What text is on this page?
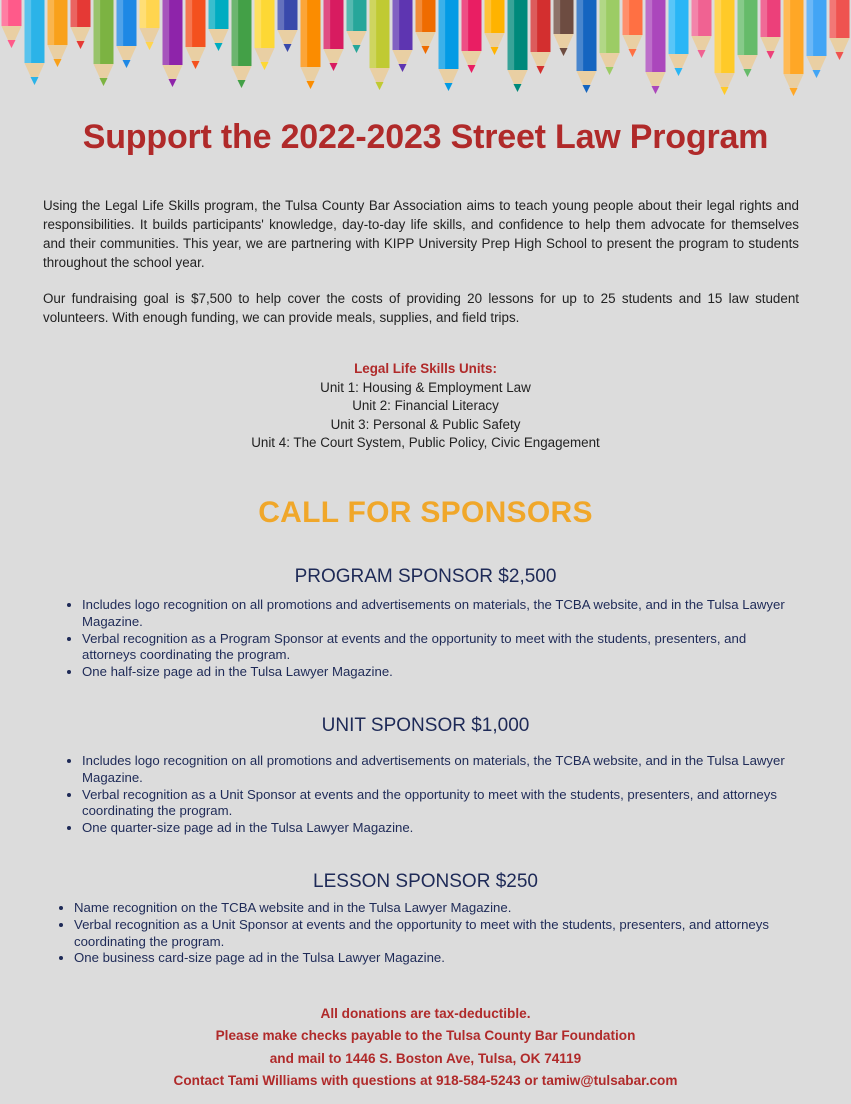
Support the 2022-2023 Street Law Program
Using the Legal Life Skills program, the Tulsa County Bar Association aims to teach young people about their legal rights and responsibilities. It builds participants' knowledge, day-to-day life skills, and confidence to help them advocate for themselves and their communities. This year, we are partnering with KIPP University Prep High School to present the program to students throughout the school year.
Our fundraising goal is $7,500 to help cover the costs of providing 20 lessons for up to 25 students and 15 law student volunteers. With enough funding, we can provide meals, supplies, and field trips.
Legal Life Skills Units:
Unit 1: Housing & Employment Law
Unit 2: Financial Literacy
Unit 3: Personal & Public Safety
Unit 4: The Court System, Public Policy, Civic Engagement
CALL FOR SPONSORS
PROGRAM SPONSOR $2,500
• Includes logo recognition on all promotions and advertisements on materials, the TCBA website, and in the Tulsa Lawyer Magazine.
• Verbal recognition as a Program Sponsor at events and the opportunity to meet with the students, presenters, and attorneys coordinating the program.
• One half-size page ad in the Tulsa Lawyer Magazine.
UNIT SPONSOR $1,000
• Includes logo recognition on all promotions and advertisements on materials, the TCBA website, and in the Tulsa Lawyer Magazine.
• Verbal recognition as a Unit Sponsor at events and the opportunity to meet with the students, presenters, and attorneys coordinating the program.
• One quarter-size page ad in the Tulsa Lawyer Magazine.
LESSON SPONSOR $250
• Name recognition on the TCBA website and in the Tulsa Lawyer Magazine.
• Verbal recognition as a Unit Sponsor at events and the opportunity to meet with the students, presenters, and attorneys coordinating the program.
• One business card-size page ad in the Tulsa Lawyer Magazine.
All donations are tax-deductible.
Please make checks payable to the Tulsa County Bar Foundation
and mail to 1446 S. Boston Ave, Tulsa, OK 74119
Contact Tami Williams with questions at 918-584-5243 or tamiw@tulsabar.com
